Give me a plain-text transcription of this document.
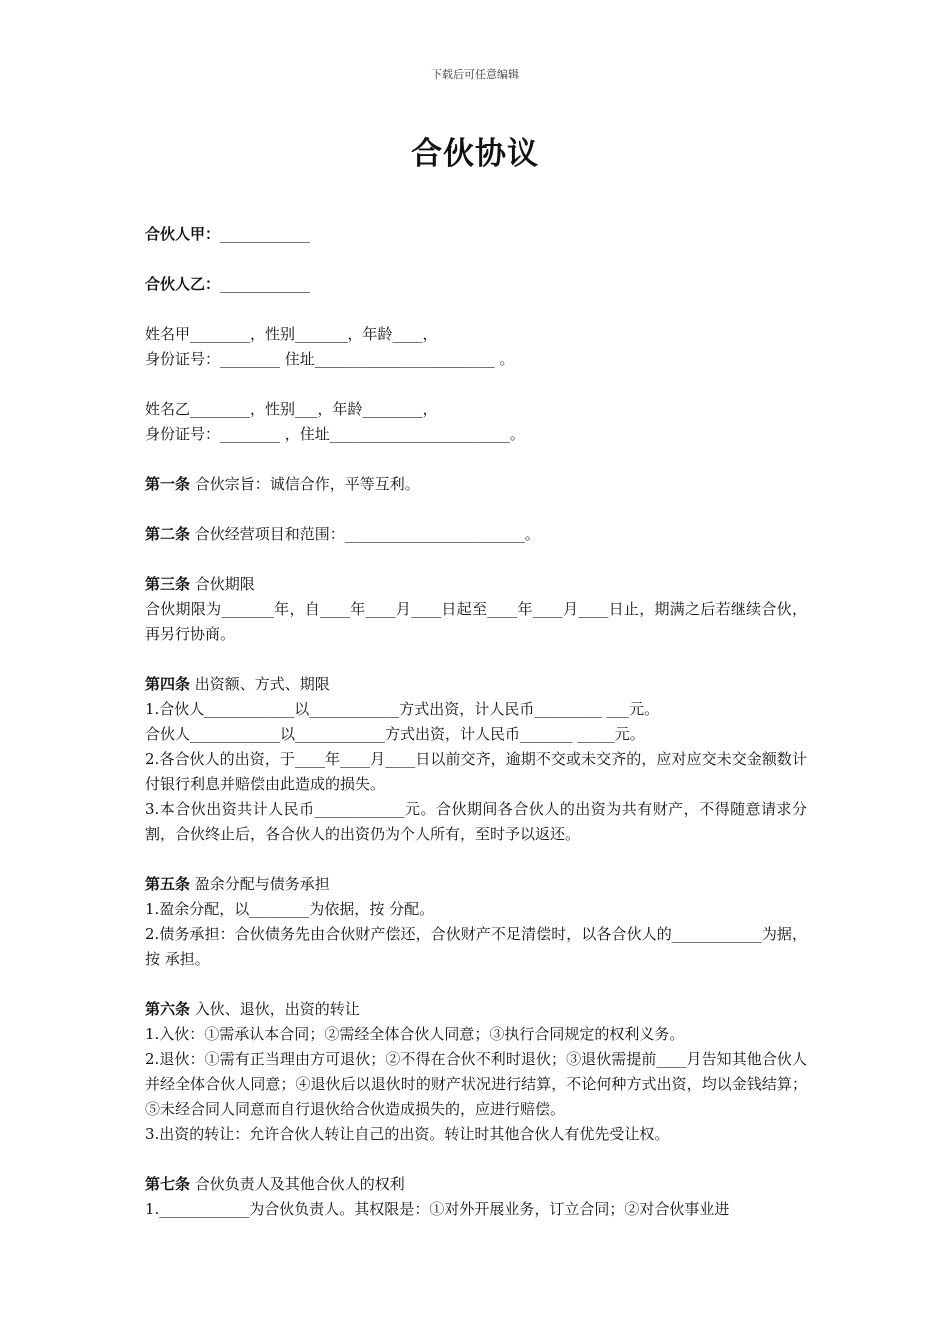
下载后可任意编辑
合伙协议

合伙人甲：____________

合伙人乙：____________

姓名甲________，性别_______，年龄____，

身份证号：________ 住址________________________ 。

姓名乙________，性别___，年龄________，

身份证号：________ ，住址________________________。

第一条 合伙宗旨：诚信合作，平等互利。

第二条 合伙经营项目和范围：________________________。

第三条 合伙期限

合伙期限为_______年，自____年____月____日起至____年____月____日止，期满之后若继续合伙，再另行协商。

第四条 出资额、方式、期限

1.合伙人____________以____________方式出资，计人民币_________ ___元。

合伙人____________以____________方式出资，计人民币_______ _____元。

2.各合伙人的出资，于____年____月____日以前交齐，逾期不交或未交齐的，应对应交未交金额数计付银行利息并赔偿由此造成的损失。

3.本合伙出资共计人民币____________元。合伙期间各合伙人的出资为共有财产，不得随意请求分割，合伙终止后，各合伙人的出资仍为个人所有，至时予以返还。

第五条 盈余分配与债务承担

1.盈余分配，以________为依据，按 分配。

2.债务承担：合伙债务先由合伙财产偿还，合伙财产不足清偿时，以各合伙人的____________为据，按 承担。

第六条 入伙、退伙，出资的转让

1.入伙：①需承认本合同；②需经全体合伙人同意；③执行合同规定的权利义务。

2.退伙：①需有正当理由方可退伙；②不得在合伙不利时退伙；③退伙需提前____月告知其他合伙人并经全体合伙人同意；④退伙后以退伙时的财产状况进行结算，不论何种方式出资，均以金钱结算；⑤未经合同人同意而自行退伙给合伙造成损失的，应进行赔偿。

3.出资的转让：允许合伙人转让自己的出资。转让时其他合伙人有优先受让权。

第七条 合伙负责人及其他合伙人的权利

1.____________为合伙负责人。其权限是：①对外开展业务，订立合同；②对合伙事业进
